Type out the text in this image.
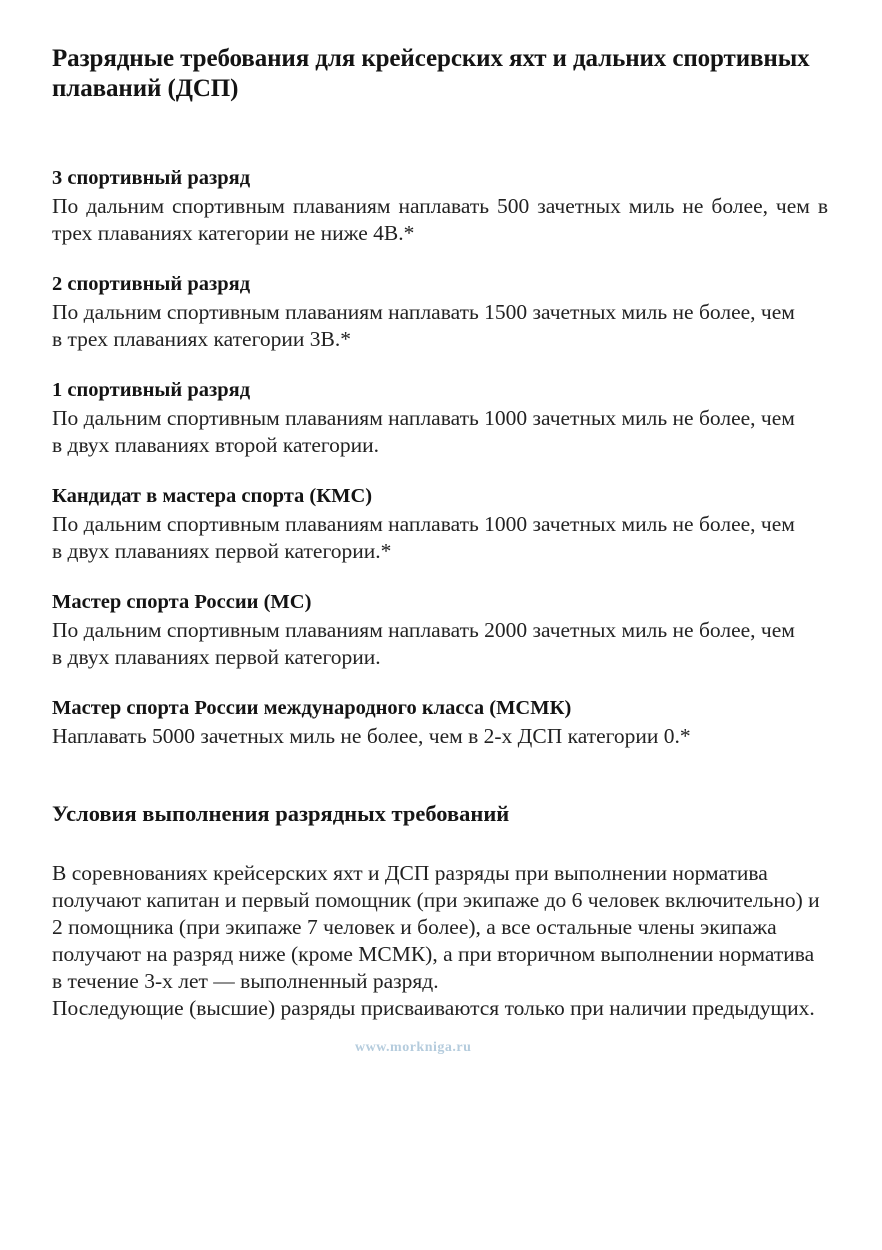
Разрядные требования для крейсерских яхт и дальних спортивных плаваний (ДСП)
3 спортивный разряд

По дальним спортивным плаваниям наплавать 500 зачетных миль не более, чем в трех плаваниях категории не ниже 4В.*

2 спортивный разряд

По дальним спортивным плаваниям наплавать 1500 зачетных миль не более, чем в трех плаваниях категории 3В.*

1 спортивный разряд

По дальним спортивным плаваниям наплавать 1000 зачетных миль не более, чем в двух плаваниях второй категории.

Кандидат в мастера спорта (КМС)

По дальним спортивным плаваниям наплавать 1000 зачетных миль не более, чем в двух плаваниях первой категории.*

Мастер спорта России (МС)

По дальним спортивным плаваниям наплавать 2000 зачетных миль не более, чем в двух плаваниях первой категории.

Мастер спорта России международного класса (МСМК)

Наплавать 5000 зачетных миль не более, чем в 2-х ДСП категории 0.*

Условия выполнения разрядных требований

В соревнованиях крейсерских яхт и ДСП разряды при выполнении норматива получают капитан и первый помощник (при экипаже до 6 человек включительно) и 2 помощника (при экипаже 7 человек и более), а все остальные члены экипажа получают на разряд ниже (кроме МСМК), а при вторичном выполнении норматива в течение 3-х лет — выполненный разряд.

Последующие (высшие) разряды присваиваются только при наличии предыдущих.

www.morkniga.ru
